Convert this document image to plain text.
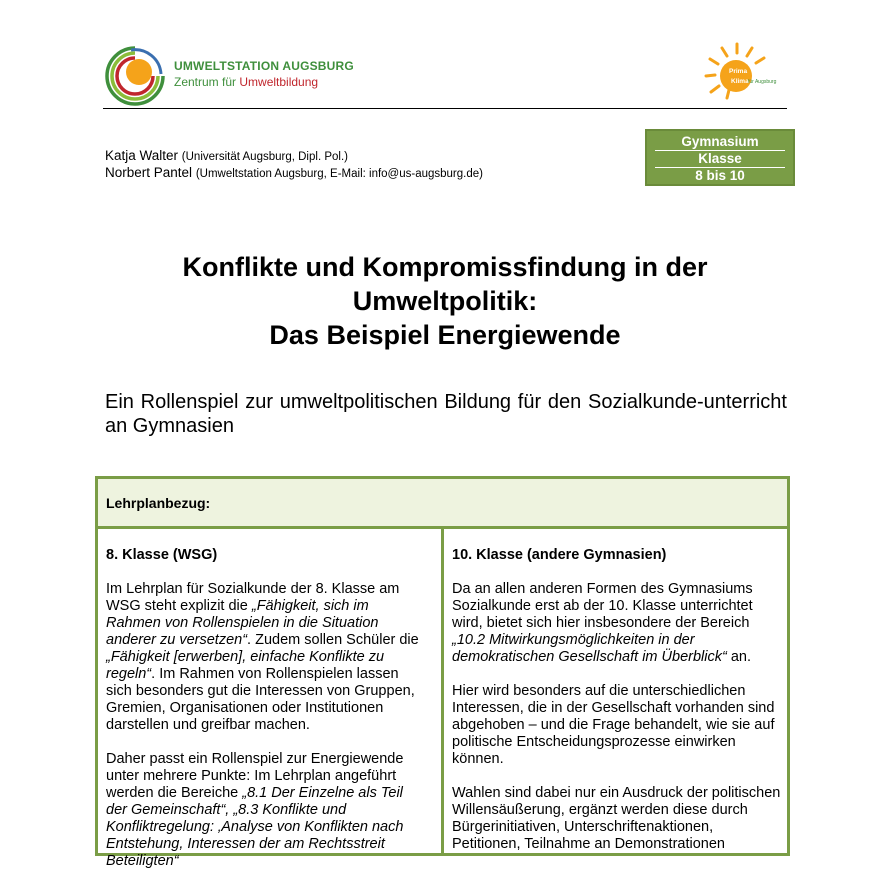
UMWELTSTATION AUGSBURG
Zentrum für Umweltbildung
Prima
Klima für Augsburg
Katja Walter (Universität Augsburg, Dipl. Pol.)
Norbert Pantel (Umweltstation Augsburg, E-Mail: info@us-augsburg.de)
Gymnasium
Klasse
8 bis 10
Konflikte und Kompromissfindung in der
Umweltpolitik:
Das Beispiel Energiewende
Ein Rollenspiel zur umweltpolitischen Bildung für den Sozialkunde-unterricht an Gymnasien
Lehrplanbezug:
8. Klasse (WSG)

Im Lehrplan für Sozialkunde der 8. Klasse am WSG steht explizit die „Fähigkeit, sich im Rahmen von Rollenspielen in die Situation anderer zu versetzen“. Zudem sollen Schüler die „Fähigkeit [erwerben], einfache Konflikte zu regeln“. Im Rahmen von Rollenspielen lassen sich besonders gut die Interessen von Gruppen, Gremien, Organisationen oder Institutionen darstellen und greifbar machen.

Daher passt ein Rollenspiel zur Energiewende unter mehrere Punkte: Im Lehrplan angeführt werden die Bereiche „8.1 Der Einzelne als Teil der Gemeinschaft“, „8.3 Konflikte und Konfliktregelung: ‚Analyse von Konflikten nach Entstehung, Interessen der am Rechtsstreit Beteiligten“

10. Klasse (andere Gymnasien)

Da an allen anderen Formen des Gymnasiums Sozialkunde erst ab der 10. Klasse unterrichtet wird, bietet sich hier insbesondere der Bereich „10.2 Mitwirkungsmöglichkeiten in der demokratischen Gesellschaft im Überblick“ an.

Hier wird besonders auf die unterschiedlichen Interessen, die in der Gesellschaft vorhanden sind abgehoben – und die Frage behandelt, wie sie auf politische Entscheidungsprozesse einwirken können.

Wahlen sind dabei nur ein Ausdruck der politischen Willensäußerung, ergänzt werden diese durch Bürgerinitiativen, Unterschriftenaktionen, Petitionen, Teilnahme an Demonstrationen
